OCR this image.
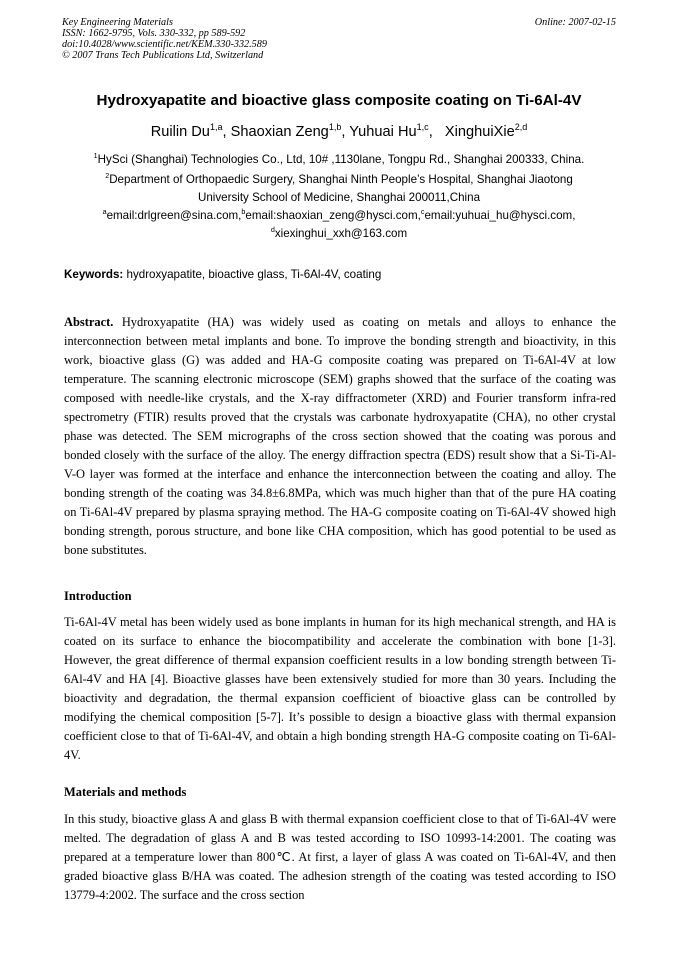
Key Engineering Materials
ISSN: 1662-9795, Vols. 330-332, pp 589-592
doi:10.4028/www.scientific.net/KEM.330-332.589
© 2007 Trans Tech Publications Ltd, Switzerland
Online: 2007-02-15
Hydroxyapatite and bioactive glass composite coating on Ti-6Al-4V
Ruilin Du$^{1,a}$, Shaoxian Zeng$^{1,b}$, Yuhuai Hu$^{1,c}$,   XinghuiXie$^{2,d}$
$^1$HySci (Shanghai) Technologies Co., Ltd, 10# ,1130lane, Tongpu Rd., Shanghai 200333, China.
$^2$Department of Orthopaedic Surgery, Shanghai Ninth People’s Hospital, Shanghai Jiaotong
University School of Medicine, Shanghai 200011,China
$^a$email:drlgreen@sina.com,$^b$email:shaoxian_zeng@hysci.com,$^c$email:yuhuai_hu@hysci.com,
$^d$xiexinghui_xxh@163.com
Keywords: hydroxyapatite, bioactive glass, Ti-6Al-4V, coating
Abstract. Hydroxyapatite (HA) was widely used as coating on metals and alloys to enhance the interconnection between metal implants and bone. To improve the bonding strength and bioactivity, in this work, bioactive glass (G) was added and HA-G composite coating was prepared on Ti-6Al-4V at low temperature. The scanning electronic microscope (SEM) graphs showed that the surface of the coating was composed with needle-like crystals, and the X-ray diffractometer (XRD) and Fourier transform infra-red spectrometry (FTIR) results proved that the crystals was carbonate hydroxyapatite (CHA), no other crystal phase was detected. The SEM micrographs of the cross section showed that the coating was porous and bonded closely with the surface of the alloy. The energy diffraction spectra (EDS) result show that a Si-Ti-Al-V-O layer was formed at the interface and enhance the interconnection between the coating and alloy. The bonding strength of the coating was 34.8±6.8MPa, which was much higher than that of the pure HA coating on Ti-6Al-4V prepared by plasma spraying method. The HA-G composite coating on Ti-6Al-4V showed high bonding strength, porous structure, and bone like CHA composition, which has good potential to be used as bone substitutes.
Introduction
Ti-6Al-4V metal has been widely used as bone implants in human for its high mechanical strength, and HA is coated on its surface to enhance the biocompatibility and accelerate the combination with bone [1-3]. However, the great difference of thermal expansion coefficient results in a low bonding strength between Ti-6Al-4V and HA [4]. Bioactive glasses have been extensively studied for more than 30 years. Including the bioactivity and degradation, the thermal expansion coefficient of bioactive glass can be controlled by modifying the chemical composition [5-7]. It’s possible to design a bioactive glass with thermal expansion coefficient close to that of Ti-6Al-4V, and obtain a high bonding strength HA-G composite coating on Ti-6Al-4V.
Materials and methods
In this study, bioactive glass A and glass B with thermal expansion coefficient close to that of Ti-6Al-4V were melted. The degradation of glass A and B was tested according to ISO 10993-14:2001. The coating was prepared at a temperature lower than 800℃. At first, a layer of glass A was coated on Ti-6Al-4V, and then graded bioactive glass B/HA was coated. The adhesion strength of the coating was tested according to ISO 13779-4:2002. The surface and the cross section
